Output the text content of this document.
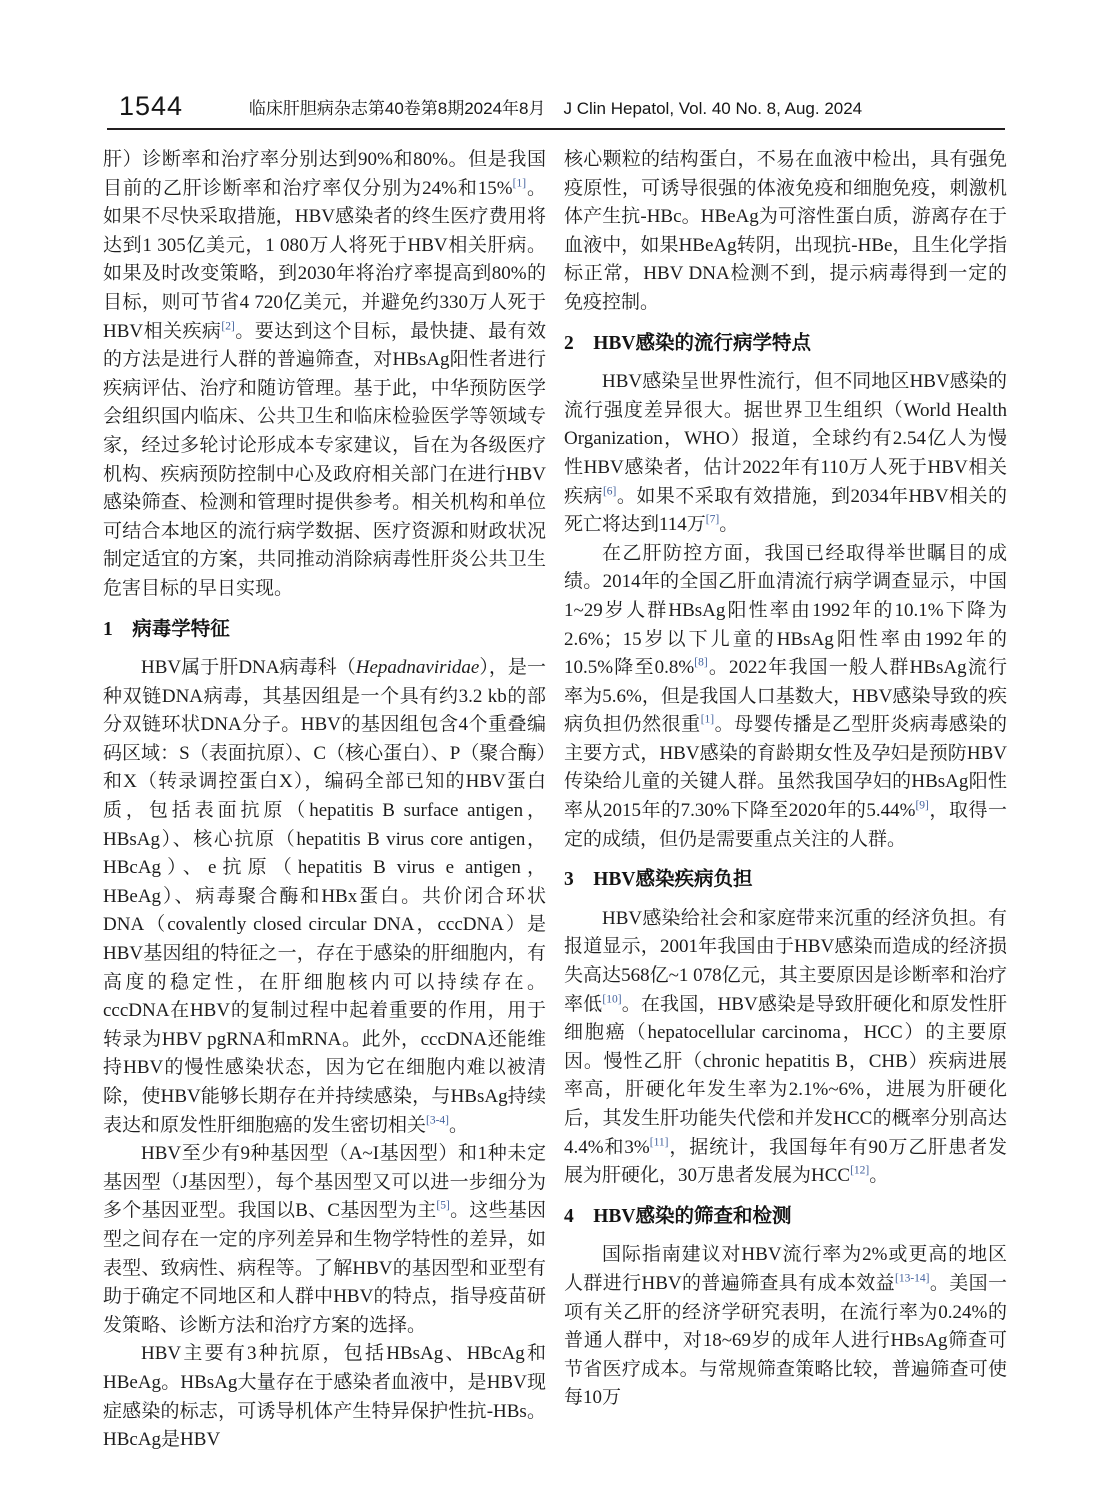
1544	临床肝胆病杂志第40卷第8期2024年8月 J Clin Hepatol, Vol. 40 No. 8, Aug. 2024

肝）诊断率和治疗率分别达到90%和80%。但是我国目前的乙肝诊断率和治疗率仅分别为24%和15%[1]。如果不尽快采取措施，HBV感染者的终生医疗费用将达到1 305亿美元，1 080万人将死于HBV相关肝病。如果及时改变策略，到2030年将治疗率提高到80%的目标，则可节省4 720亿美元，并避免约330万人死于HBV相关疾病[2]。要达到这个目标，最快捷、最有效的方法是进行人群的普遍筛查，对HBsAg阳性者进行疾病评估、治疗和随访管理。基于此，中华预防医学会组织国内临床、公共卫生和临床检验医学等领域专家，经过多轮讨论形成本专家建议，旨在为各级医疗机构、疾病预防控制中心及政府相关部门在进行HBV感染筛查、检测和管理时提供参考。相关机构和单位可结合本地区的流行病学数据、医疗资源和财政状况制定适宜的方案，共同推动消除病毒性肝炎公共卫生危害目标的早日实现。

1　病毒学特征

HBV属于肝DNA病毒科（Hepadnaviridae），是一种双链DNA病毒，其基因组是一个具有约3.2 kb的部分双链环状DNA分子。HBV的基因组包含4个重叠编码区域：S（表面抗原）、C（核心蛋白）、P（聚合酶）和X（转录调控蛋白X），编码全部已知的HBV蛋白质，包括表面抗原（hepatitis B surface antigen，HBsAg）、核心抗原（hepatitis B virus core antigen，HBcAg）、e抗原（hepatitis B virus e antigen，HBeAg）、病毒聚合酶和HBx蛋白。共价闭合环状DNA（covalently closed circular DNA，cccDNA）是HBV基因组的特征之一，存在于感染的肝细胞内，有高度的稳定性，在肝细胞核内可以持续存在。cccDNA在HBV的复制过程中起着重要的作用，用于转录为HBV pgRNA和mRNA。此外，cccDNA还能维持HBV的慢性感染状态，因为它在细胞内难以被清除，使HBV能够长期存在并持续感染，与HBsAg持续表达和原发性肝细胞癌的发生密切相关[3-4]。

HBV至少有9种基因型（A~I基因型）和1种未定基因型（J基因型），每个基因型又可以进一步细分为多个基因亚型。我国以B、C基因型为主[5]。这些基因型之间存在一定的序列差异和生物学特性的差异，如表型、致病性、病程等。了解HBV的基因型和亚型有助于确定不同地区和人群中HBV的特点，指导疫苗研发策略、诊断方法和治疗方案的选择。

HBV主要有3种抗原，包括HBsAg、HBcAg和HBeAg。HBsAg大量存在于感染者血液中，是HBV现症感染的标志，可诱导机体产生特异保护性抗-HBs。HBcAg是HBV

核心颗粒的结构蛋白，不易在血液中检出，具有强免疫原性，可诱导很强的体液免疫和细胞免疫，刺激机体产生抗-HBc。HBeAg为可溶性蛋白质，游离存在于血液中，如果HBeAg转阴，出现抗-HBe，且生化学指标正常，HBV DNA检测不到，提示病毒得到一定的免疫控制。

2　HBV感染的流行病学特点

HBV感染呈世界性流行，但不同地区HBV感染的流行强度差异很大。据世界卫生组织（World Health Organization，WHO）报道，全球约有2.54亿人为慢性HBV感染者，估计2022年有110万人死于HBV相关疾病[6]。如果不采取有效措施，到2034年HBV相关的死亡将达到114万[7]。

在乙肝防控方面，我国已经取得举世瞩目的成绩。2014年的全国乙肝血清流行病学调查显示，中国1~29岁人群HBsAg阳性率由1992年的10.1%下降为2.6%；15岁以下儿童的HBsAg阳性率由1992年的10.5%降至0.8%[8]。2022年我国一般人群HBsAg流行率为5.6%，但是我国人口基数大，HBV感染导致的疾病负担仍然很重[1]。母婴传播是乙型肝炎病毒感染的主要方式，HBV感染的育龄期女性及孕妇是预防HBV传染给儿童的关键人群。虽然我国孕妇的HBsAg阳性率从2015年的7.30%下降至2020年的5.44%[9]，取得一定的成绩，但仍是需要重点关注的人群。

3　HBV感染疾病负担

HBV感染给社会和家庭带来沉重的经济负担。有报道显示，2001年我国由于HBV感染而造成的经济损失高达568亿~1 078亿元，其主要原因是诊断率和治疗率低[10]。在我国，HBV感染是导致肝硬化和原发性肝细胞癌（hepatocellular carcinoma，HCC）的主要原因。慢性乙肝（chronic hepatitis B，CHB）疾病进展率高，肝硬化年发生率为2.1%~6%，进展为肝硬化后，其发生肝功能失代偿和并发HCC的概率分别高达4.4%和3%[11]，据统计，我国每年有90万乙肝患者发展为肝硬化，30万患者发展为HCC[12]。

4　HBV感染的筛查和检测

国际指南建议对HBV流行率为2%或更高的地区人群进行HBV的普遍筛查具有成本效益[13-14]。美国一项有关乙肝的经济学研究表明，在流行率为0.24%的普通人群中，对18~69岁的成年人进行HBsAg筛查可节省医疗成本。与常规筛查策略比较，普遍筛查可使每10万
